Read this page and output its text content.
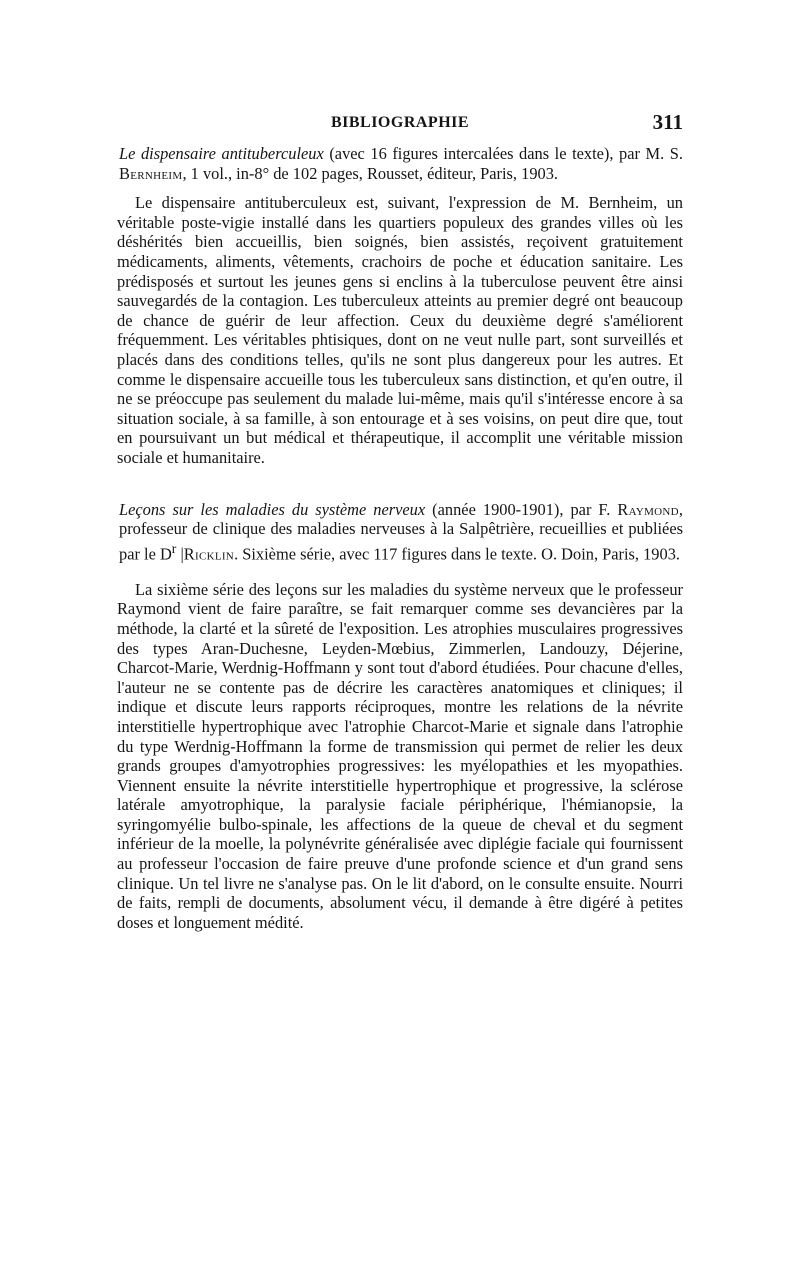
BIBLIOGRAPHIE	311

Le dispensaire antituberculeux (avec 16 figures intercalées dans le texte), par M. S. Bernheim, 1 vol., in-8° de 102 pages, Rousset, éditeur, Paris, 1903.

Le dispensaire antituberculeux est, suivant, l'expression de M. Bernheim, un véritable poste-vigie installé dans les quartiers populeux des grandes villes où les déshérités bien accueillis, bien soignés, bien assistés, reçoivent gratuitement médicaments, aliments, vêtements, crachoirs de poche et éducation sanitaire. Les prédisposés et surtout les jeunes gens si enclins à la tuberculose peuvent être ainsi sauvegardés de la contagion. Les tuberculeux atteints au premier degré ont beaucoup de chance de guérir de leur affection. Ceux du deuxième degré s'améliorent fréquemment. Les véritables phtisiques, dont on ne veut nulle part, sont surveillés et placés dans des conditions telles, qu'ils ne sont plus dangereux pour les autres. Et comme le dispensaire accueille tous les tuberculeux sans distinction, et qu'en outre, il ne se préoccupe pas seulement du malade lui-même, mais qu'il s'intéresse encore à sa situation sociale, à sa famille, à son entourage et à ses voisins, on peut dire que, tout en poursuivant un but médical et thérapeutique, il accomplit une véritable mission sociale et humanitaire.

Leçons sur les maladies du système nerveux (année 1900-1901), par F. Raymond, professeur de clinique des maladies nerveuses à la Salpêtrière, recueillies et publiées par le $D^r$ |Ricklin. Sixième série, avec 117 figures dans le texte. O. Doin, Paris, 1903.

La sixième série des leçons sur les maladies du système nerveux que le professeur Raymond vient de faire paraître, se fait remarquer comme ses devancières par la méthode, la clarté et la sûreté de l'exposition. Les atrophies musculaires progressives des types Aran-Duchesne, Leyden-Mœbius, Zimmerlen, Landouzy, Déjerine, Charcot-Marie, Werdnig-Hoffmann y sont tout d'abord étudiées. Pour chacune d'elles, l'auteur ne se contente pas de décrire les caractères anatomiques et cliniques; il indique et discute leurs rapports réciproques, montre les relations de la névrite interstitielle hypertrophique avec l'atrophie Charcot-Marie et signale dans l'atrophie du type Werdnig-Hoffmann la forme de transmission qui permet de relier les deux grands groupes d'amyotrophies progressives: les myélopathies et les myopathies. Viennent ensuite la névrite interstitielle hypertrophique et progressive, la sclérose latérale amyotrophique, la paralysie faciale périphérique, l'hémianopsie, la syringomyélie bulbo-spinale, les affections de la queue de cheval et du segment inférieur de la moelle, la polynévrite généralisée avec diplégie faciale qui fournissent au professeur l'occasion de faire preuve d'une profonde science et d'un grand sens clinique. Un tel livre ne s'analyse pas. On le lit d'abord, on le consulte ensuite. Nourri de faits, rempli de documents, absolument vécu, il demande à être digéré à petites doses et longuement médité.
